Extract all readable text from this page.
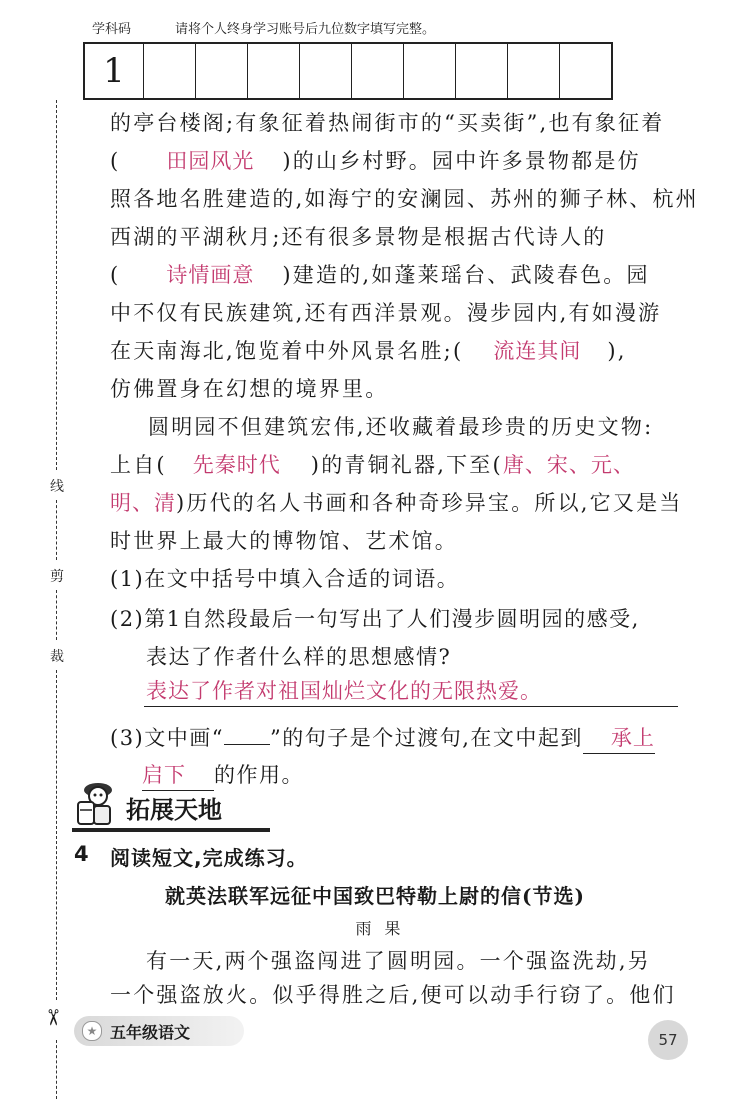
学科码	请将个人终身学习账号后九位数字填写完整。
1
线
剪
裁
✂
的亭台楼阁;有象征着热闹街市的“买卖街”,也有象征着
( 田园风光 )的山乡村野。园中许多景物都是仿
照各地名胜建造的,如海宁的安澜园、苏州的狮子林、杭州
西湖的平湖秋月;还有很多景物是根据古代诗人的
( 诗情画意 )建造的,如蓬莱瑶台、武陵春色。园
中不仅有民族建筑,还有西洋景观。漫步园内,有如漫游
在天南海北,饱览着中外风景名胜;( 流连其间 ),
仿佛置身在幻想的境界里。
圆明园不但建筑宏伟,还收藏着最珍贵的历史文物:
上自( 先秦时代 )的青铜礼器,下至(唐、宋、元、
明、清)历代的名人书画和各种奇珍异宝。所以,它又是当
时世界上最大的博物馆、艺术馆。
(1)在文中括号中填入合适的词语。
(2)第1自然段最后一句写出了人们漫步圆明园的感受,
表达了作者什么样的思想感情?
表达了作者对祖国灿烂文化的无限热爱。
(3)文中画“ ”的句子是个过渡句,在文中起到 承上
启下 的作用。
拓展天地
4 阅读短文,完成练习。
就英法联军远征中国致巴特勒上尉的信(节选)
雨 果
有一天,两个强盗闯进了圆明园。一个强盗洗劫,另
一个强盗放火。似乎得胜之后,便可以动手行窃了。他们
★ 五年级语文	57
